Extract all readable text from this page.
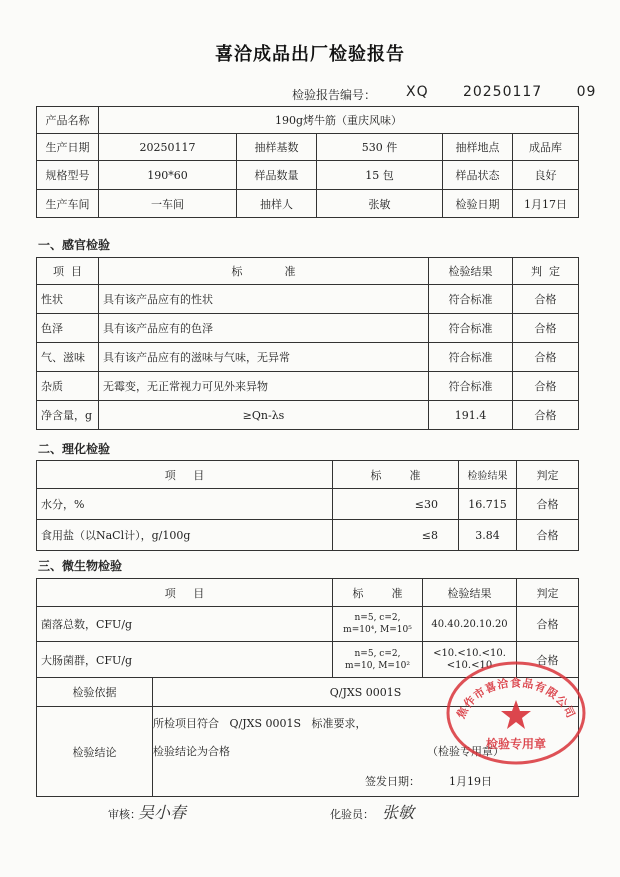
喜洽成品出厂检验报告
检验报告编号： XQ   20250117   09
产品名称	190g烤牛筋（重庆风味）				
生产日期	20250117	抽样基数	530 件	抽样地点	成品库
规格型号	190*60	样品数量	15 包	样品状态	良好
生产车间	一车间	抽样人	张敏	检验日期	1月17日
一、感官检验
项  目	标            准	检验结果	判  定
性状	具有该产品应有的性状	符合标准	合格
色泽	具有该产品应有的色泽	符合标准	合格
气、滋味	具有该产品应有的滋味与气味，无异常	符合标准	合格
杂质	无霉变，无正常视力可见外来异物	符合标准	合格
净含量，g	≥Qn-λs	191.4	合格
二、理化检验
项     目	标        准	检验结果	判定
水分，%	≤30	16.715	合格
食用盐（以NaCl计），g/100g	≤8	3.84	合格
三、微生物检验
项     目	标        准	检验结果	判定
菌落总数，CFU/g	n=5, c=2,
m=10⁴, M=10⁵	40.40.20.10.20	合格
大肠菌群，CFU/g	n=5, c=2,
m=10, M=10²	<10.<10.<10.<10.<10	合格
检验依据	Q/JXS 0001S
检验结论	所检项目符合   Q/JXS 0001S   标准要求，
检验结论为合格 （检验专用章）
签发日期： 1月19日
审核：
吴小春	化验员： 张敏
焦作市喜洽食品有限公司
检验专用章
